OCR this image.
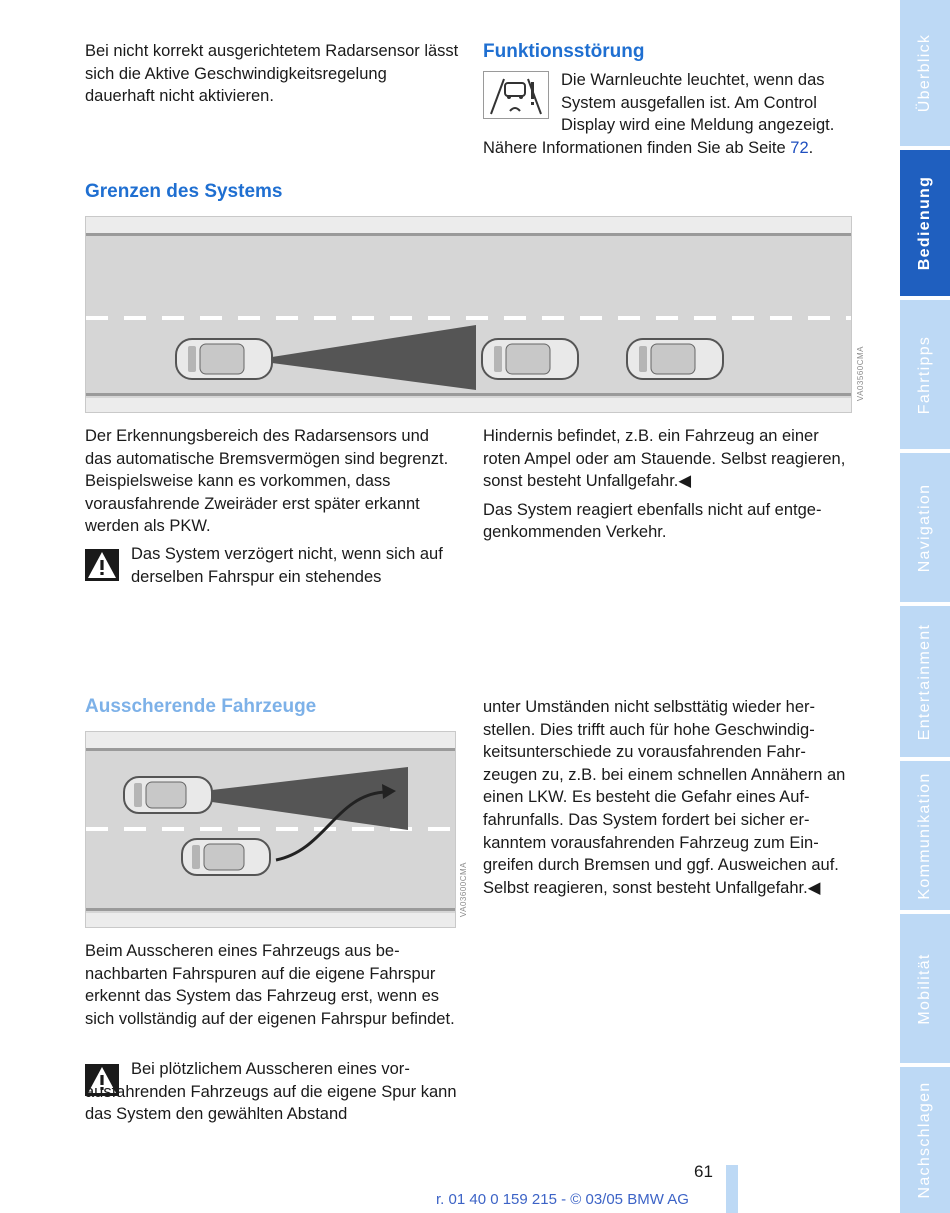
Bei nicht korrekt ausgerichtetem Radarsensor lässt sich die Aktive Geschwindigkeitsregelung dauerhaft nicht aktivieren.
Funktionsstörung
Die Warnleuchte leuchtet, wenn das System ausgefallen ist. Am Control Display wird eine Meldung angezeigt.
Nähere Informationen finden Sie ab Seite 72.
Grenzen des Systems
VA03560CMA
Der Erkennungsbereich des Radarsensors und das automatische Bremsvermögen sind begrenzt. Beispielsweise kann es vorkommen, dass vorausfahrende Zweiräder erst später erkannt werden als PKW.
Das System verzögert nicht, wenn sich auf derselben Fahrspur ein stehendes

Hindernis befindet, z.B. ein Fahrzeug an einer roten Ampel oder am Stauende. Selbst reagieren, sonst besteht Unfallgefahr.◀

Das System reagiert ebenfalls nicht auf entgegenkommenden Verkehr.

Ausscherende Fahrzeuge
VA03600CMA
Beim Ausscheren eines Fahrzeugs aus benachbarten Fahrspuren auf die eigene Fahrspur erkennt das System das Fahrzeug erst, wenn es sich vollständig auf der eigenen Fahrspur befindet.
Bei plötzlichem Ausscheren eines vorausfahrenden Fahrzeugs auf die eigene Spur kann das System den gewählten Abstand
unter Umständen nicht selbsttätig wieder herstellen. Dies trifft auch für hohe Geschwindigkeitsunterschiede zu vorausfahrenden Fahrzeugen zu, z.B. bei einem schnellen Annähern an einen LKW. Es besteht die Gefahr eines Auffahrunfalls. Das System fordert bei sicher erkanntem vorausfahrenden Fahrzeug zum Eingreifen durch Bremsen und ggf. Ausweichen auf. Selbst reagieren, sonst besteht Unfallgefahr.◀
61
r. 01 40 0 159 215 - © 03/05 BMW AG
Überblick
Bedienung
Fahrtipps
Navigation
Entertainment
Kommunikation
Mobilität
Nachschlagen
